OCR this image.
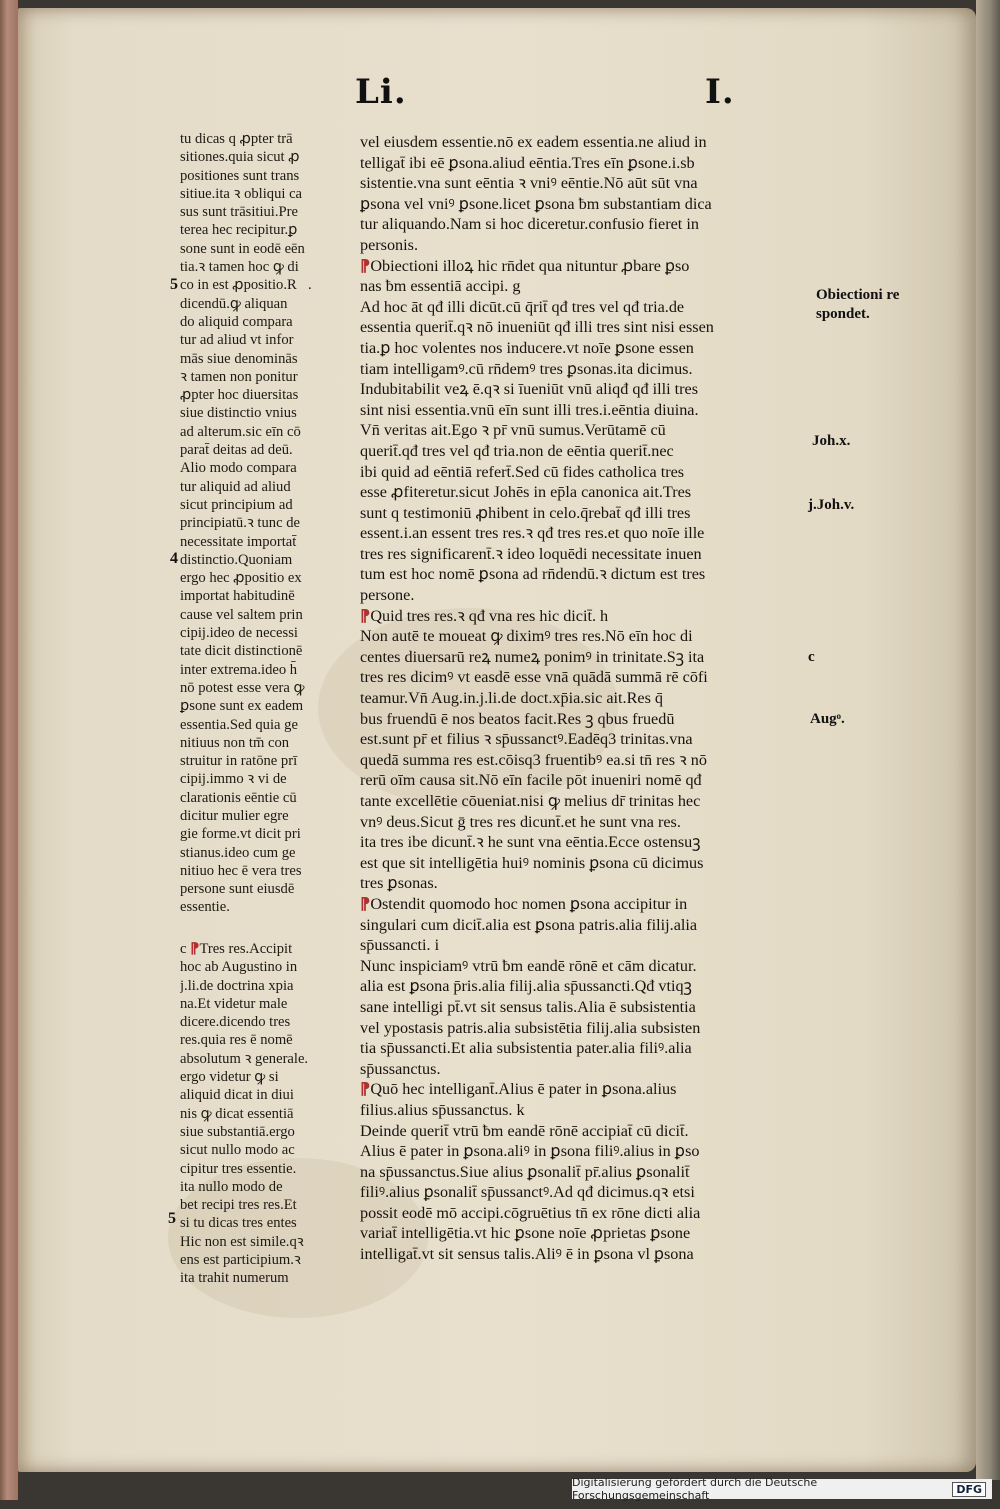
Li.	I.
tu dicas q ꝓpter trā
sitiones.quia sicut ꝓ
positiones sunt trans
sitiue.ita ꝛ obliqui ca
sus sunt trāsitiui.Pre
terea hec recipitur.ꝑ
sone sunt in eodē eēn
tia.ꝛ tamen hoc ꝙ di
co in est ꝓpositio.Rᷣ.
dicendū.ꝙ aliquan
do aliquid compara
tur ad aliud vt infor
mās siue denominās
ꝛ tamen non ponitur
ꝓpter hoc diuersitas
siue distinctio vnius
ad alterum.sic eīn cō
parat̄ deitas ad deū.
Alio modo compara
tur aliquid ad aliud
sicut principium ad
principiatū.ꝛ tunc de
necessitate importat̄
distinctio.Quoniam
ergo hec ꝓpositio ex
importat habitudinē
cause vel saltem prin
cipij.ideo de necessi
tate dicit distinctionē
inter extrema.ideo h̄
nō potest esse vera ꝙ
ꝑsone sunt ex eadem
essentia.Sed quia ge
nitiuus non tm̄ con
struitur in ratōne prī
cipij.immo ꝛ vi de
clarationis eēntie cū
dicitur mulier egre
gie forme.vt dicit pri
stianus.ideo cum ge
nitiuo hec ē vera tres
persone sunt eiusdē
essentie.
c ⁋Tres res.Accipit
hoc ab Augustino in
j.li.de doctrina xpia
na.Et videtur male
dicere.dicendo tres
res.quia res ē nomē
absolutum ꝛ generale.
ergo videtur ꝙ si
aliquid dicat in diui
nis ꝙ dicat essentiā
siue substantiā.ergo
sicut nullo modo ac
cipitur tres essentie.
ita nullo modo de
bet recipi tres res.Et
si tu dicas tres entes
Hic non est simile.qꝛ
ens est participium.ꝛ
ita trahit numerum
5
4
5
vel eiusdem essentie.nō ex eadem essentia.ne aliud in
telligat̄ ibi eē ꝑsona.aliud eēntia.Tres eīn ꝑsone.i.sb
sistentie.vna sunt eēntia ꝛ vniꝰ eēntie.Nō aūt sūt vna
ꝑsona vel vniꝰ ꝑsone.licet ꝑsona ƀm substantiam dica
tur aliquando.Nam si hoc diceretur.confusio fieret in
personis.
⁋Obiectioni illoꝝ hic rn̄det qua nituntur ꝓbare ꝑso
nas ƀm essentiā accipi. g
Ad hoc āt qđ illi dicūt.cū q̄rit̄ qđ tres vel qđ tria.de
essentia querit̄.qꝛ nō inueniūt qđ illi tres sint nisi essen
tia.ꝑ hoc volentes nos inducere.vt noīe ꝑsone essen
tiam intelligamꝰ.cū rn̄demꝰ tres ꝑsonas.ita dicimus.
Indubitabilit veꝝ ē.qꝛ si īueniūt vnū aliqđ qđ illi tres
sint nisi essentia.vnū eīn sunt illi tres.i.eēntia diuina.
Vn̄ veritas ait.Ego ꝛ pr̄ vnū sumus.Verūtamē cū
querit̄.qđ tres vel qđ tria.non de eēntia querit̄.nec
ibi quid ad eēntiā refert̄.Sed cū fides catholica tres
esse ꝓfiteretur.sicut Johēs in ep̄la canonica ait.Tres
sunt q testimoniū ꝓhibent in celo.q̄rebat̄ qđ illi tres
essent.i.an essent tres res.ꝛ qđ tres res.et quo noīe ille
tres res significarent̄.ꝛ ideo loquēdi necessitate inuen
tum est hoc nomē ꝑsona ad rn̄dendū.ꝛ dictum est tres
persone.
⁋Quid tres res.ꝛ qđ vna res hic dicit̄. h
Non autē te moueat ꝙ diximꝰ tres res.Nō eīn hoc di
centes diuersarū reꝝ numeꝝ ponimꝰ in trinitate.Sꝫ ita
tres res dicimꝰ vt easdē esse vnā quādā summā rē cōfi
teamur.Vn̄ Aug.in.j.li.de doct.xp̄ia.sic ait.Res q̄
bus fruendū ē nos beatos facit.Res ꝫ qbus fruedū
est.sunt pr̄ et filius ꝛ sp̄ussanctꝰ.Eadēq3 trinitas.vna
quedā summa res est.cōisq3 fruentibꝰ ea.si tn̄ res ꝛ nō
rerū oīm causa sit.Nō eīn facile pōt inueniri nomē qđ
tante excellētie cōueniat.nisi ꝙ melius dr̄ trinitas hec
vnꝰ deus.Sicut ḡ tres res dicunt̄.et he sunt vna res.
ita tres ibe dicunt̄.ꝛ he sunt vna eēntia.Ecce ostensuꝫ
est que sit intelligētia huiꝰ nominis ꝑsona cū dicimus
tres ꝑsonas.
⁋Ostendit quomodo hoc nomen ꝑsona accipitur in
singulari cum dicit̄.alia est ꝑsona patris.alia filij.alia
sp̄ussancti. i
Nunc inspiciamꝰ vtrū ƀm eandē rōnē et cām dicatur.
alia est ꝑsona p̄ris.alia filij.alia sp̄ussancti.Qđ vtiqꝫ
sane intelligi pt̄.vt sit sensus talis.Alia ē subsistentia
vel ypostasis patris.alia subsistētia filij.alia subsisten
tia sp̄ussancti.Et alia subsistentia pater.alia filiꝰ.alia
sp̄ussanctus.
⁋Quō hec intelligant̄.Alius ē pater in ꝑsona.alius
filius.alius sp̄ussanctus. k
Deinde querit̄ vtrū ƀm eandē rōnē accipiat̄ cū dicit̄.
Alius ē pater in ꝑsona.aliꝰ in ꝑsona filiꝰ.alius in ꝑso
na sp̄ussanctus.Siue alius ꝑsonalit̄ pr̄.alius ꝑsonalit̄
filiꝰ.alius ꝑsonalit̄ sp̄ussanctꝰ.Ad qđ dicimus.qꝛ etsi
possit eodē mō accipi.cōgruētius tn̄ ex rōne dicti alia
variat̄ intelligētia.vt hic ꝑsone noīe ꝓprietas ꝑsone
intelligat̄.vt sit sensus talis.Aliꝰ ē in ꝑsona vl ꝑsona
Obiectioni re
spondet.
Joh.x.
j.Joh.v.
c
Augᵒ.
Digitalisierung gefördert durch die Deutsche Forschungsgemeinschaft	DFG
